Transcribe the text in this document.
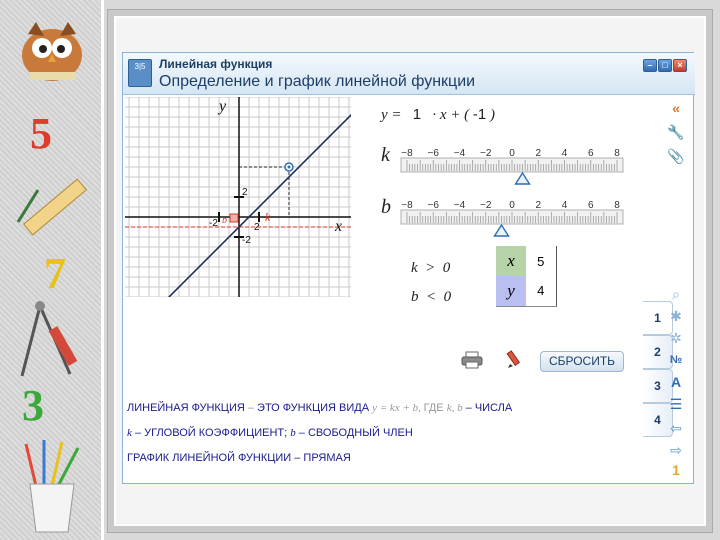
5
7
3
3|5	Линейная функция
Определение и график линейной функции
–	□	×
y
x
2
-2	2
-2
b	k
y = 1 · x + ( -1 )
k −8 −6 −4 −2 0 2 4 6 8
b −8 −6 −4 −2 0 2 4 6 8
k  >  0
b  <  0
x	5
y	4
СБРОСИТЬ
ЛИНЕЙНАЯ ФУНКЦИЯ – ЭТО ФУНКЦИЯ ВИДА y = kx + b, ГДЕ k, b – ЧИСЛА
k – УГЛОВОЙ КОЭФФИЦИЕНТ; b – СВОБОДНЫЙ ЧЛЕН
ГРАФИК ЛИНЕЙНОЙ ФУНКЦИИ – ПРЯМАЯ
1
2
3
4
«
🔧
📎
⌕
✱
✲
№
A
☰
⇦
⇨
1
